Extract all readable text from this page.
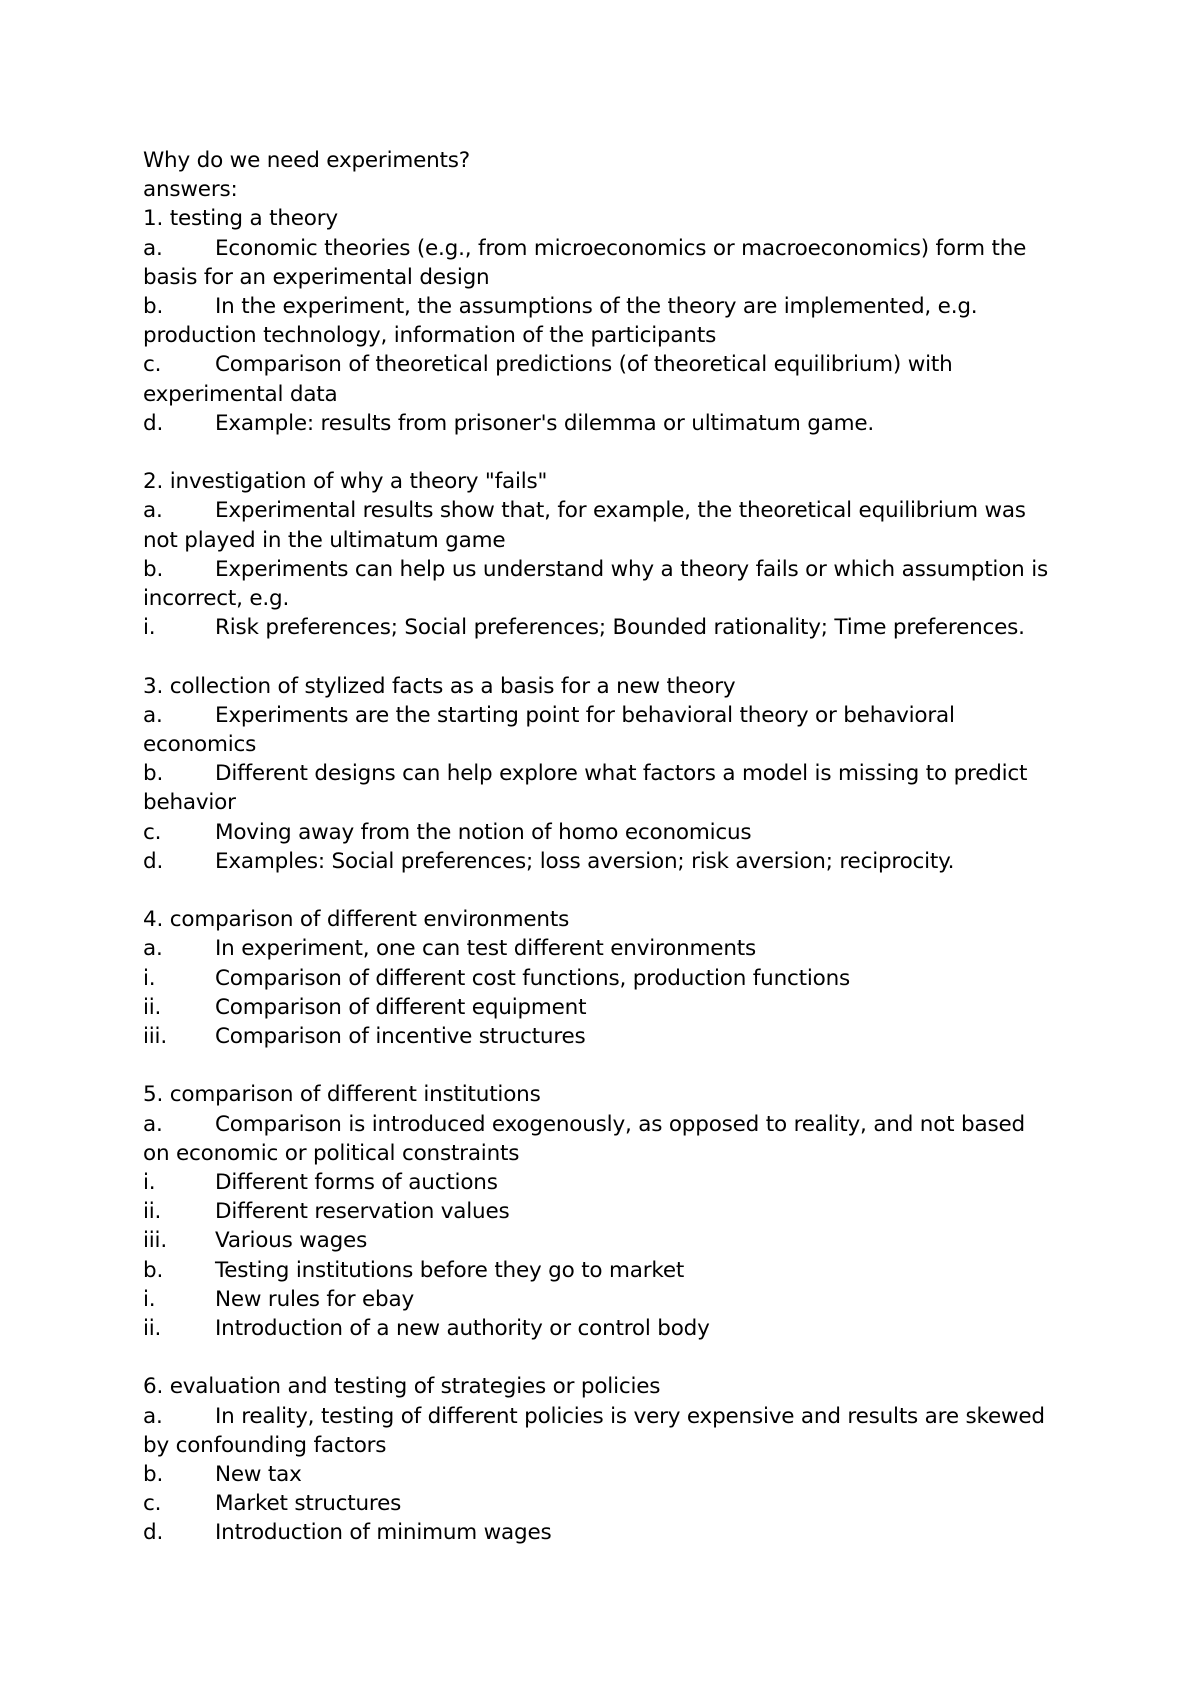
Why do we need experiments?
answers:
1. testing a theory
a. Economic theories (e.g., from microeconomics or macroeconomics) form the
basis for an experimental design
b. In the experiment, the assumptions of the theory are implemented, e.g.
production technology, information of the participants
c. Comparison of theoretical predictions (of theoretical equilibrium) with
experimental data
d. Example: results from prisoner's dilemma or ultimatum game.
2. investigation of why a theory "fails"
a. Experimental results show that, for example, the theoretical equilibrium was
not played in the ultimatum game
b. Experiments can help us understand why a theory fails or which assumption is
incorrect, e.g.
i.	Risk preferences; Social preferences; Bounded rationality; Time preferences.
3. collection of stylized facts as a basis for a new theory
a. Experiments are the starting point for behavioral theory or behavioral
economics
b. Different designs can help explore what factors a model is missing to predict
behavior
c. Moving away from the notion of homo economicus
d. Examples: Social preferences; loss aversion; risk aversion; reciprocity.
4. comparison of different environments
a. In experiment, one can test different environments
i.	Comparison of different cost functions, production functions
ii.	Comparison of different equipment
iii. Comparison of incentive structures
5. comparison of different institutions
a. Comparison is introduced exogenously, as opposed to reality, and not based
on economic or political constraints
i.	Different forms of auctions
ii.	Different reservation values
iii. Various wages
b. Testing institutions before they go to market
i.	New rules for ebay
ii.	Introduction of a new authority or control body
6. evaluation and testing of strategies or policies
a. In reality, testing of different policies is very expensive and results are skewed
by confounding factors
b. New tax
c. Market structures
d. Introduction of minimum wages
